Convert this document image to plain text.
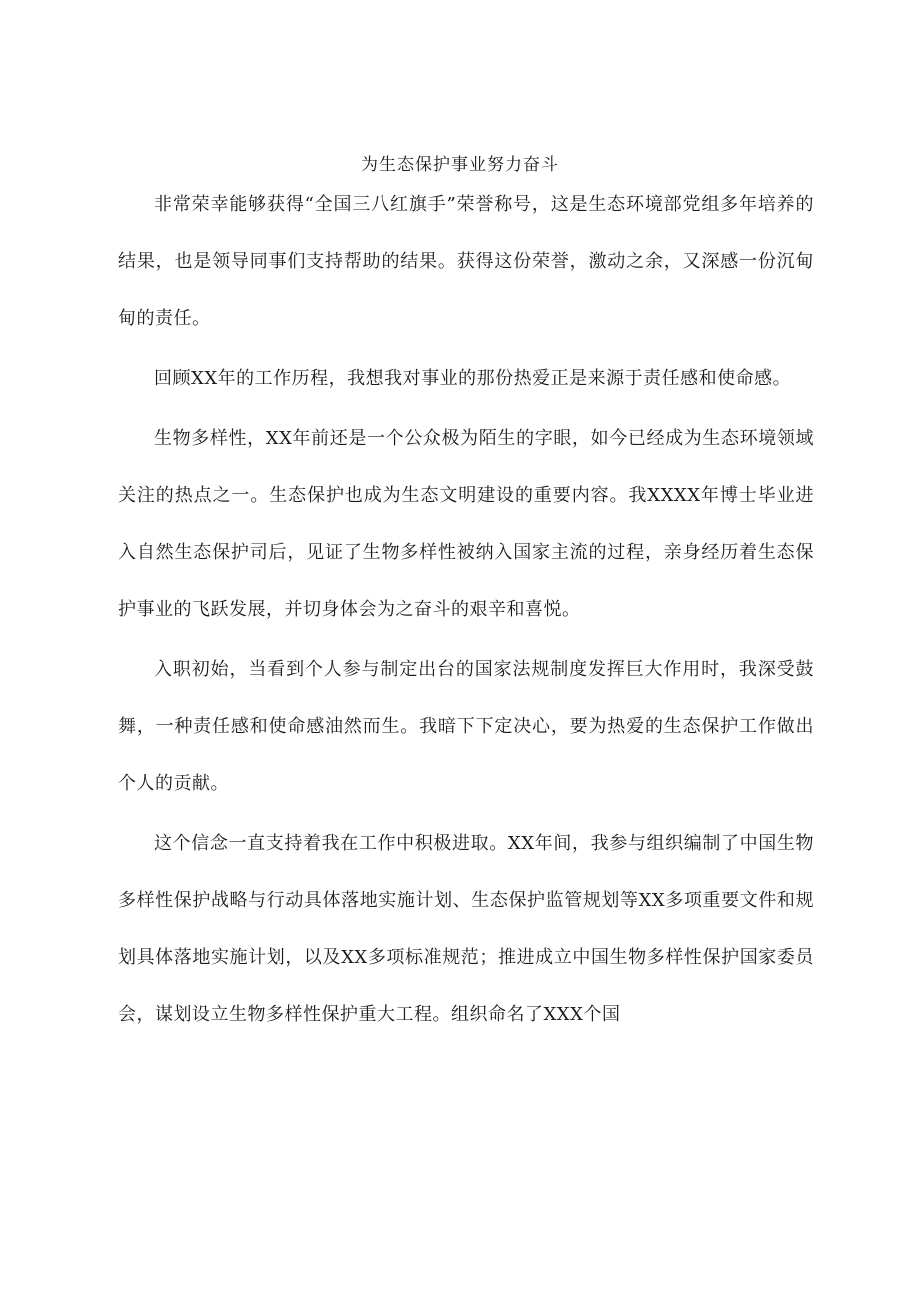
为生态保护事业努力奋斗

非常荣幸能够获得“全国三八红旗手”荣誉称号，这是生态环境部党组多年培养的结果，也是领导同事们支持帮助的结果。获得这份荣誉，激动之余，又深感一份沉甸甸的责任。

回顾XX年的工作历程，我想我对事业的那份热爱正是来源于责任感和使命感。

生物多样性，XX年前还是一个公众极为陌生的字眼，如今已经成为生态环境领域关注的热点之一。生态保护也成为生态文明建设的重要内容。我XXXX年博士毕业进入自然生态保护司后，见证了生物多样性被纳入国家主流的过程，亲身经历着生态保护事业的飞跃发展，并切身体会为之奋斗的艰辛和喜悦。

入职初始，当看到个人参与制定出台的国家法规制度发挥巨大作用时，我深受鼓舞，一种责任感和使命感油然而生。我暗下下定决心，要为热爱的生态保护工作做出个人的贡献。

这个信念一直支持着我在工作中积极进取。XX年间，我参与组织编制了中国生物多样性保护战略与行动具体落地实施计划、生态保护监管规划等XX多项重要文件和规划具体落地实施计划，以及XX多项标准规范；推进成立中国生物多样性保护国家委员会，谋划设立生物多样性保护重大工程。组织命名了XXX个国
